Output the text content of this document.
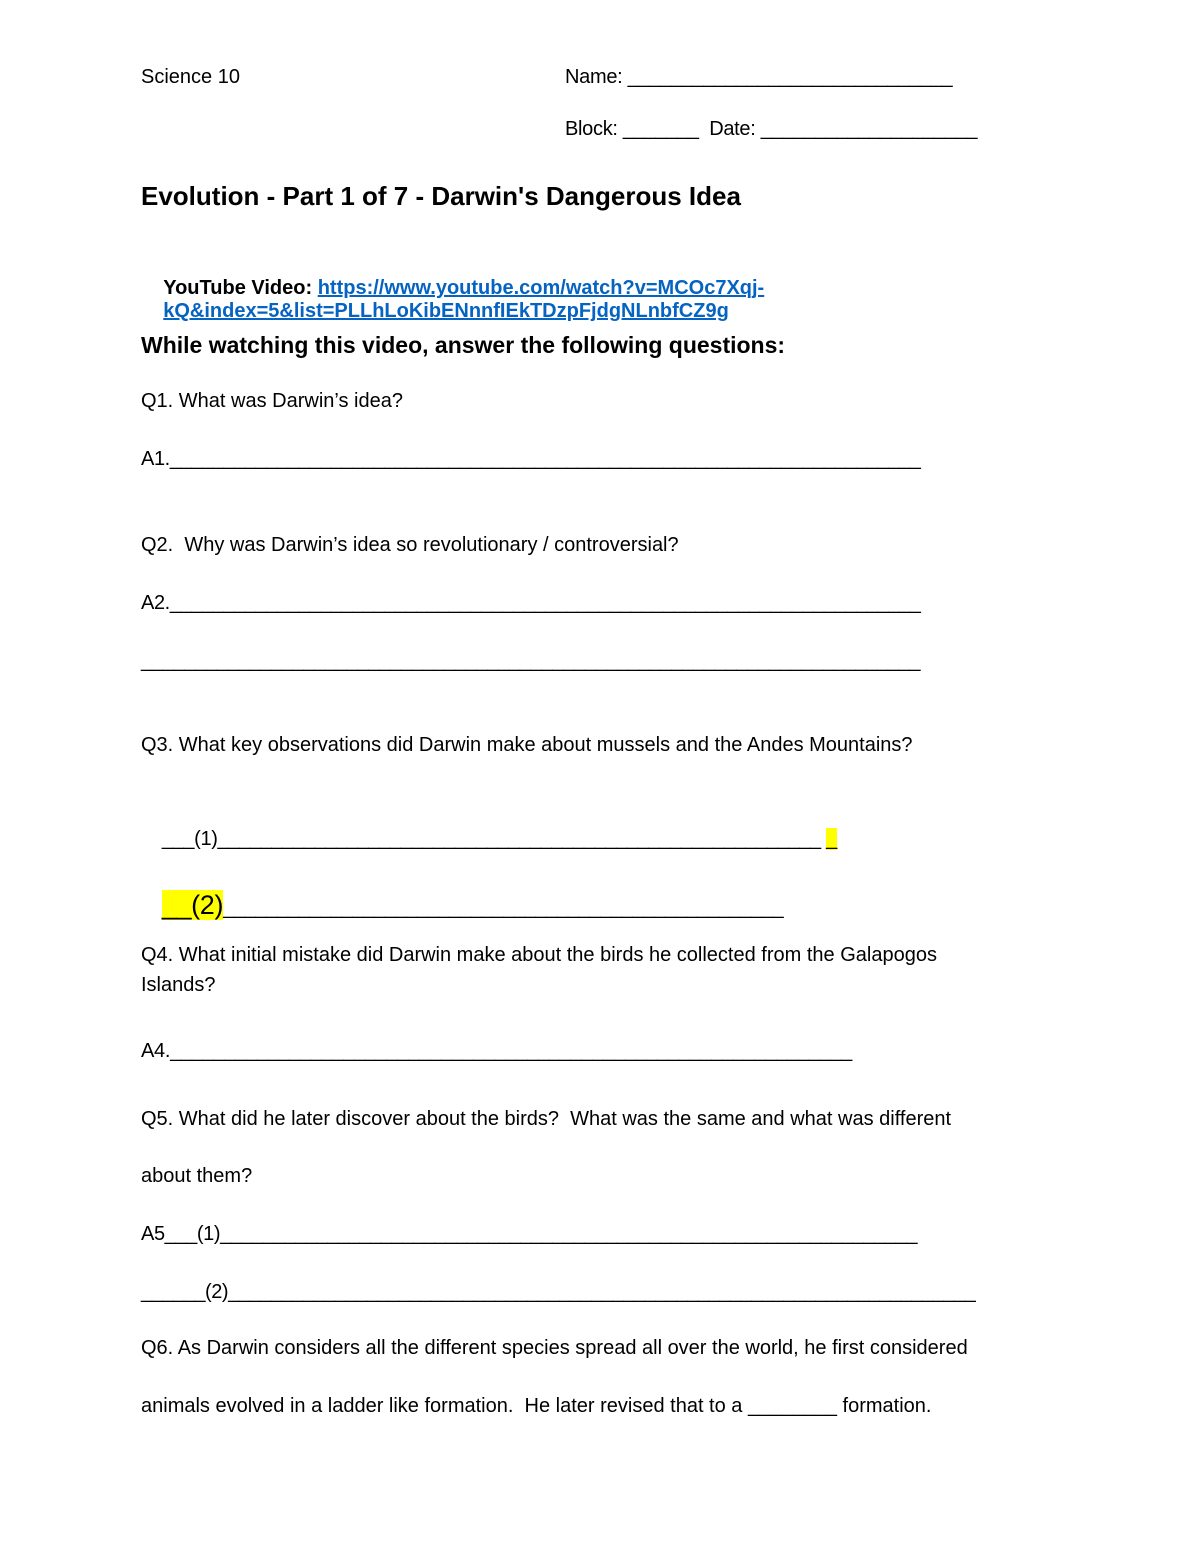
Science 10	Name: ______________________________
Block: _______  Date: ____________________
Evolution - Part 1 of 7 - Darwin's Dangerous Idea

YouTube Video: https://www.youtube.com/watch?v=MCOc7Xqj-

kQ&index=5&list=PLLhLoKibENnnfIEkTDzpFjdgNLnbfCZ9g

While watching this video, answer the following questions:
Q1. What was Darwin’s idea?
A1.______________________________________________________________________
Q2.  Why was Darwin’s idea so revolutionary / controversial?
A2.______________________________________________________________________
________________________________________________________________________
Q3. What key observations did Darwin make about mussels and the Andes Mountains?

___(1)________________________________________________________ _

__(2)____________________________________________________

Q4. What initial mistake did Darwin make about the birds he collected from the Galapogos
Islands?
A4._______________________________________________________________
Q5. What did he later discover about the birds?  What was the same and what was different
about them?
A5___(1)_________________________________________________________________
______(2)______________________________________________________________________
Q6. As Darwin considers all the different species spread all over the world, he first considered
animals evolved in a ladder like formation.  He later revised that to a ________ formation.
